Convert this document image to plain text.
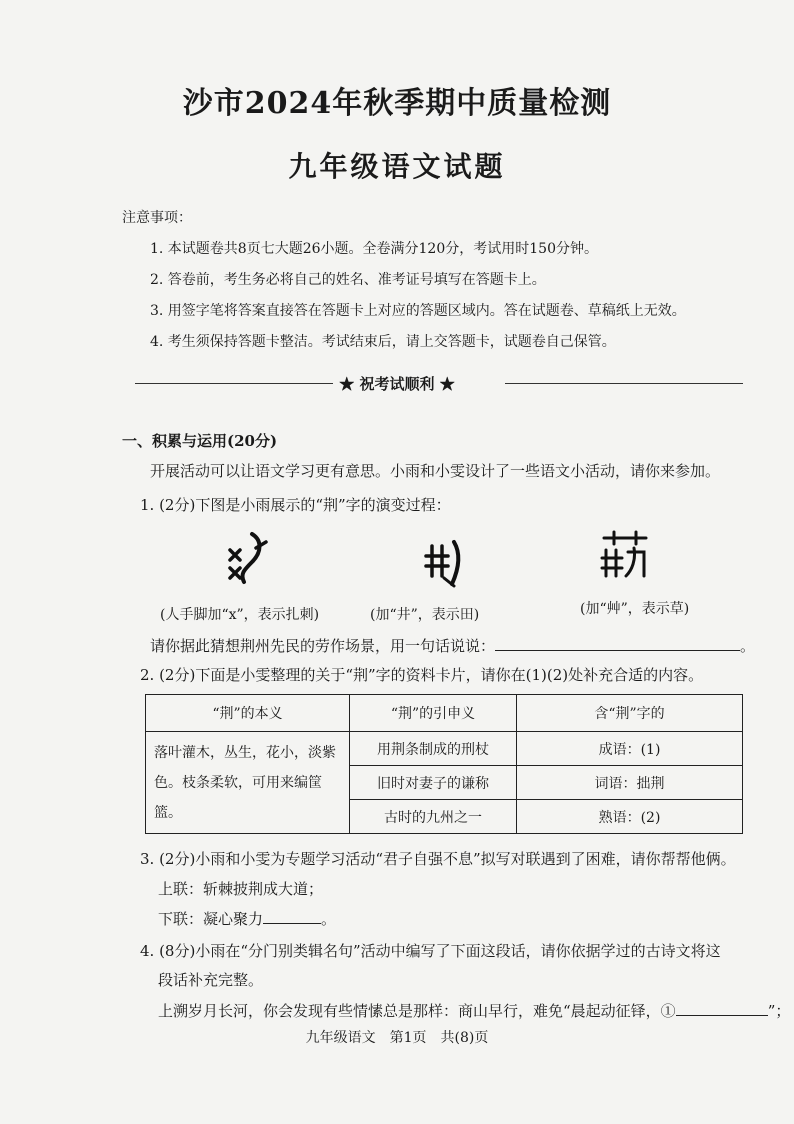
沙市2024年秋季期中质量检测
九年级语文试题
注意事项：
1. 本试题卷共8页七大题26小题。全卷满分120分，考试用时150分钟。
2. 答卷前，考生务必将自己的姓名、准考证号填写在答题卡上。
3. 用签字笔将答案直接答在答题卡上对应的答题区域内。答在试题卷、草稿纸上无效。
4. 考生须保持答题卡整洁。考试结束后，请上交答题卡，试题卷自己保管。
★ 祝考试顺利 ★
一、积累与运用(20分)
开展活动可以让语文学习更有意思。小雨和小雯设计了一些语文小活动，请你来参加。
1. (2分)下图是小雨展示的“荆”字的演变过程：
(人手脚加“x”，表示扎刺)	(加“井”，表示田)	(加“艸”，表示草)
请你据此猜想荆州先民的劳作场景，用一句话说说：	。
2. (2分)下面是小雯整理的关于“荆”字的资料卡片，请你在(1)(2)处补充合适的内容。
“荆”的本义	“荆”的引申义	含“荆”字的
落叶灌木，丛生，花小，淡紫色。枝条柔软，可用来编筐篮。	用荆条制成的刑杖	成语：(1)
	旧时对妻子的谦称	词语：拙荆
	古时的九州之一	熟语：(2)
3. (2分)小雨和小雯为专题学习活动“君子自强不息”拟写对联遇到了困难，请你帮帮他俩。
上联：斩棘披荆成大道；
下联：凝心聚力	。
4. (8分)小雨在“分门别类辑名句”活动中编写了下面这段话，请你依据学过的古诗文将这
段话补充完整。
上溯岁月长河，你会发现有些情愫总是那样：商山早行，难免“晨起动征铎，①	”；
九年级语文　第1页　共(8)页
